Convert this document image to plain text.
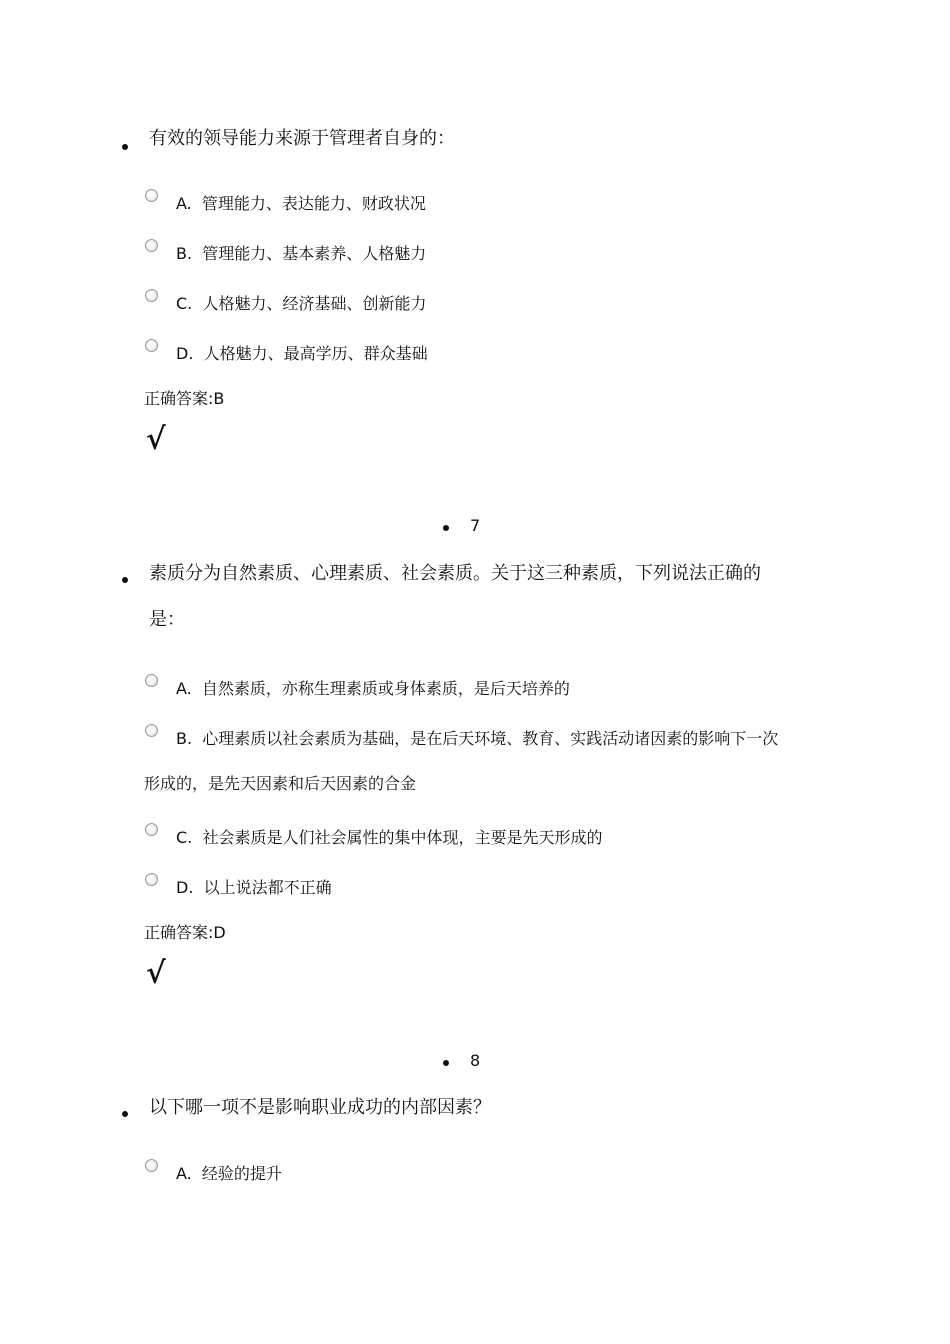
有效的领导能力来源于管理者自身的：
A. 管理能力、表达能力、财政状况
B. 管理能力、基本素养、人格魅力
C. 人格魅力、经济基础、创新能力
D. 人格魅力、最高学历、群众基础
正确答案:B
√
7
素质分为自然素质、心理素质、社会素质。关于这三种素质，下列说法正确的
是：
A. 自然素质，亦称生理素质或身体素质，是后天培养的
B. 心理素质以社会素质为基础，是在后天环境、教育、实践活动诸因素的影响下一次
形成的，是先天因素和后天因素的合金
C. 社会素质是人们社会属性的集中体现，主要是先天形成的
D. 以上说法都不正确
正确答案:D
√
8
以下哪一项不是影响职业成功的内部因素？
A. 经验的提升
